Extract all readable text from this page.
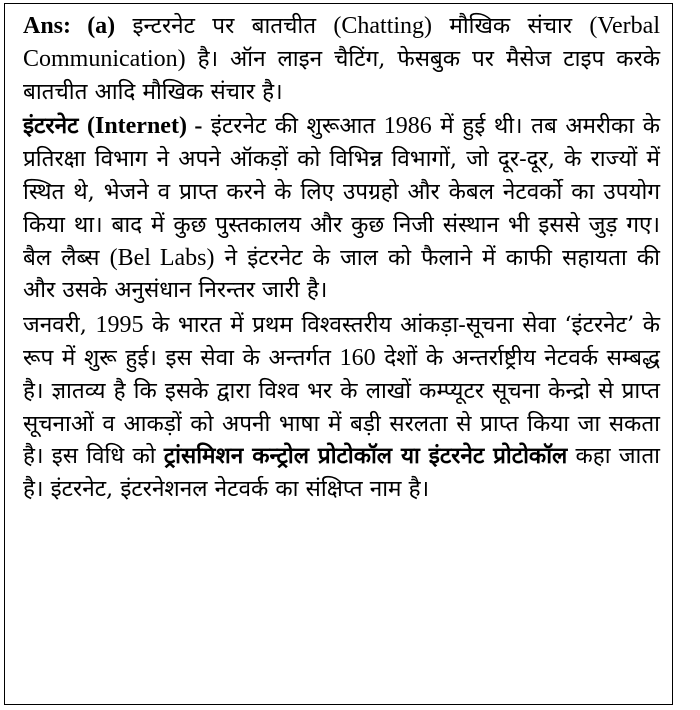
Ans: (a) इन्टरनेट पर बातचीत (Chatting) मौखिक संचार (Verbal Communication) है। ऑन लाइन चैटिंग, फेसबुक पर मैसेज टाइप करके बातचीत आदि मौखिक संचार है।

इंटरनेट (Internet) - इंटरनेट की शुरूआत 1986 में हुई थी। तब अमरीका के प्रतिरक्षा विभाग ने अपने ऑकड़ों को विभिन्न विभागों, जो दूर-दूर, के राज्यों में स्थित थे, भेजने व प्राप्त करने के लिए उपग्रहो और केबल नेटवर्को का उपयोग किया था। बाद में कुछ पुस्तकालय और कुछ निजी संस्थान भी इससे जुड़ गए। बैल लैब्स (Bel Labs) ने इंटरनेट के जाल को फैलाने में काफी सहायता की और उसके अनुसंधान निरन्तर जारी है।

जनवरी, 1995 के भारत में प्रथम विश्वस्तरीय आंकड़ा-सूचना सेवा ‘इंटरनेट’ के रूप में शुरू हुई। इस सेवा के अन्तर्गत 160 देशों के अन्तर्राष्ट्रीय नेटवर्क सम्बद्ध है। ज्ञातव्य है कि इसके द्वारा विश्व भर के लाखों कम्प्यूटर सूचना केन्द्रो से प्राप्त सूचनाओं व आकड़ों को अपनी भाषा में बड़ी सरलता से प्राप्त किया जा सकता है। इस विधि को ट्रांसमिशन कन्ट्रोल प्रोटोकॉल या इंटरनेट प्रोटोकॉल कहा जाता है। इंटरनेट, इंटरनेशनल नेटवर्क का संक्षिप्त नाम है।
